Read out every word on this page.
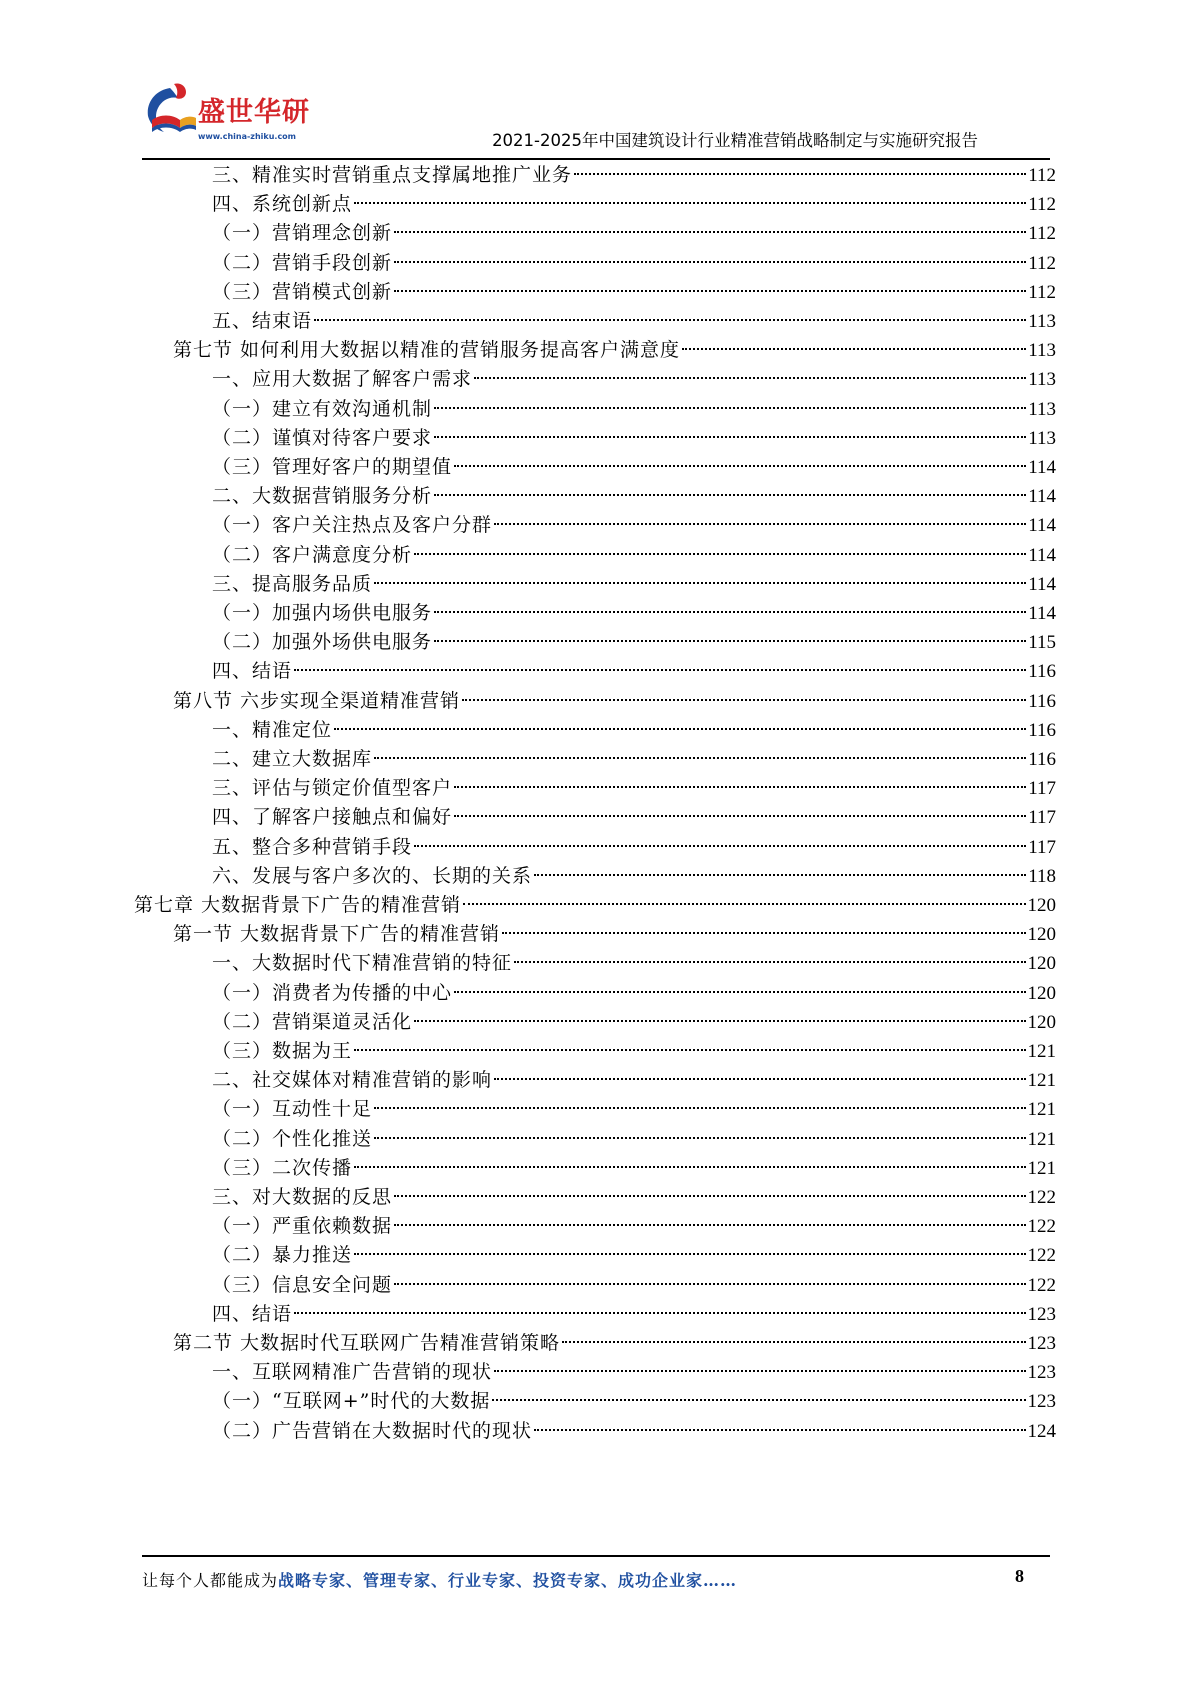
盛世华研
www.china-zhiku.com	2021-2025年中国建筑设计行业精准营销战略制定与实施研究报告
三、精准实时营销重点支撑属地推广业务	112
四、系统创新点	112
（一）营销理念创新	112
（二）营销手段创新	112
（三）营销模式创新	112
五、结束语	113
第七节 如何利用大数据以精准的营销服务提高客户满意度	113
一、应用大数据了解客户需求	113
（一）建立有效沟通机制	113
（二）谨慎对待客户要求	113
（三）管理好客户的期望值	114
二、大数据营销服务分析	114
（一）客户关注热点及客户分群	114
（二）客户满意度分析	114
三、提高服务品质	114
（一）加强内场供电服务	114
（二）加强外场供电服务	115
四、结语	116
第八节 六步实现全渠道精准营销	116
一、精准定位	116
二、建立大数据库	116
三、评估与锁定价值型客户	117
四、了解客户接触点和偏好	117
五、整合多种营销手段	117
六、发展与客户多次的、长期的关系	118
第七章 大数据背景下广告的精准营销	120
第一节 大数据背景下广告的精准营销	120
一、大数据时代下精准营销的特征	120
（一）消费者为传播的中心	120
（二）营销渠道灵活化	120
（三）数据为王	121
二、社交媒体对精准营销的影响	121
（一）互动性十足	121
（二）个性化推送	121
（三）二次传播	121
三、对大数据的反思	122
（一）严重依赖数据	122
（二）暴力推送	122
（三）信息安全问题	122
四、结语	123
第二节 大数据时代互联网广告精准营销策略	123
一、互联网精准广告营销的现状	123
（一）“互联网+”时代的大数据	123
（二）广告营销在大数据时代的现状	124
让每个人都能成为战略专家、管理专家、行业专家、投资专家、成功企业家……	8
